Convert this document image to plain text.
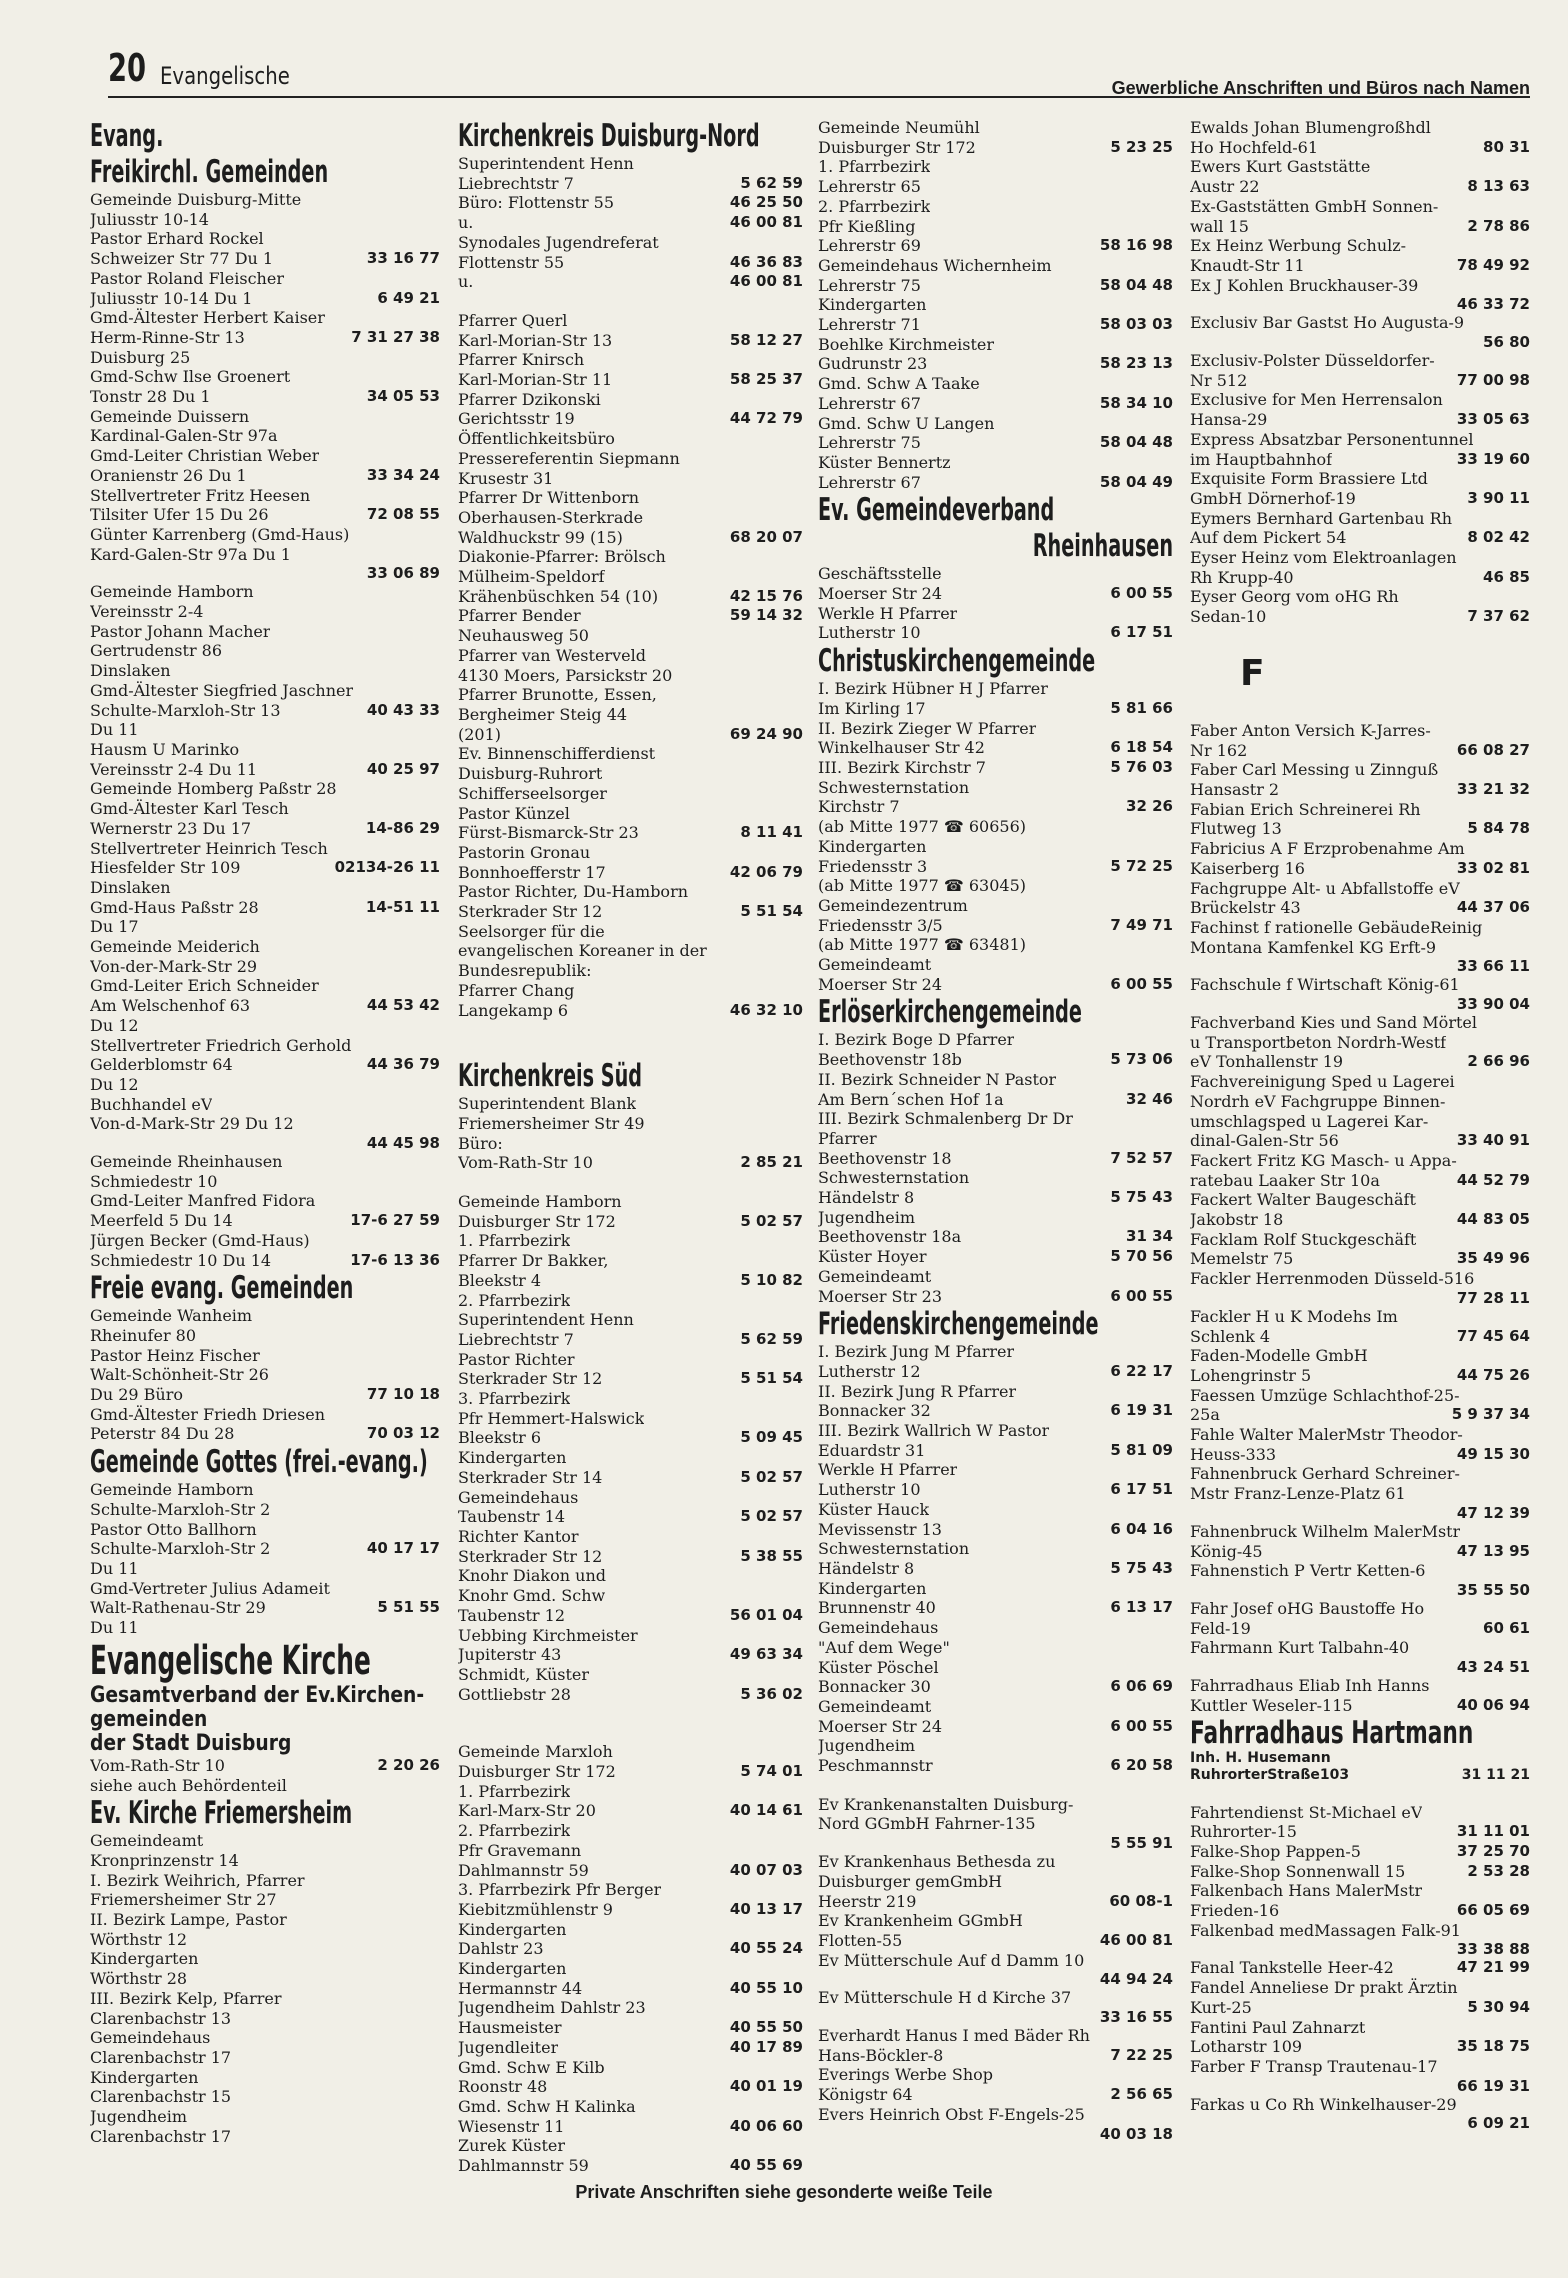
20 Evangelische	Gewerbliche Anschriften und Büros nach Namen
Evang.
Freikirchl. Gemeinden
Gemeinde Duisburg-Mitte
Juliusstr 10-14
Pastor Erhard Rockel
Schweizer Str 77 Du 1	33 16 77
Pastor Roland Fleischer
Juliusstr 10-14 Du 1	6 49 21
Gmd-Ältester Herbert Kaiser
Herm-Rinne-Str 13	7 31 27 38
Duisburg 25
Gmd-Schw Ilse Groenert
Tonstr 28 Du 1	34 05 53
Gemeinde Duissern
Kardinal-Galen-Str 97a
Gmd-Leiter Christian Weber
Oranienstr 26 Du 1	33 34 24
Stellvertreter Fritz Heesen
Tilsiter Ufer 15 Du 26	72 08 55
Günter Karrenberg (Gmd-Haus)
Kard-Galen-Str 97a Du 1
33 06 89
Gemeinde Hamborn
Vereinsstr 2-4
Pastor Johann Macher
Gertrudenstr 86
Dinslaken
Gmd-Ältester Siegfried Jaschner
Schulte-Marxloh-Str 13	40 43 33
Du 11
Hausm U Marinko
Vereinsstr 2-4 Du 11	40 25 97
Gemeinde Homberg Paßstr 28
Gmd-Ältester Karl Tesch
Wernerstr 23 Du 17	14-86 29
Stellvertreter Heinrich Tesch
Hiesfelder Str 109	02134-26 11
Dinslaken
Gmd-Haus Paßstr 28	14-51 11
Du 17
Gemeinde Meiderich
Von-der-Mark-Str 29
Gmd-Leiter Erich Schneider
Am Welschenhof 63	44 53 42
Du 12
Stellvertreter Friedrich Gerhold
Gelderblomstr 64	44 36 79
Du 12
Buchhandel eV
Von-d-Mark-Str 29 Du 12
44 45 98
Gemeinde Rheinhausen
Schmiedestr 10
Gmd-Leiter Manfred Fidora
Meerfeld 5 Du 14	17-6 27 59
Jürgen Becker (Gmd-Haus)
Schmiedestr 10 Du 14	17-6 13 36
Freie evang. Gemeinden
Gemeinde Wanheim
Rheinufer 80
Pastor Heinz Fischer
Walt-Schönheit-Str 26
Du 29 Büro	77 10 18
Gmd-Ältester Friedh Driesen
Peterstr 84 Du 28	70 03 12
Gemeinde Gottes (frei.-evang.)
Gemeinde Hamborn
Schulte-Marxloh-Str 2
Pastor Otto Ballhorn
Schulte-Marxloh-Str 2	40 17 17
Du 11
Gmd-Vertreter Julius Adameit
Walt-Rathenau-Str 29	5 51 55
Du 11
Evangelische Kirche
Gesamtverband der Ev.Kirchen-
gemeinden
der Stadt Duisburg
Vom-Rath-Str 10	2 20 26
siehe auch Behördenteil
Ev. Kirche Friemersheim
Gemeindeamt
Kronprinzenstr 14
I. Bezirk Weihrich, Pfarrer
Friemersheimer Str 27
II. Bezirk Lampe, Pastor
Wörthstr 12
Kindergarten
Wörthstr 28
III. Bezirk Kelp, Pfarrer
Clarenbachstr 13
Gemeindehaus
Clarenbachstr 17
Kindergarten
Clarenbachstr 15
Jugendheim
Clarenbachstr 17
Kirchenkreis Duisburg-Nord
Superintendent Henn
Liebrechtstr 7	5 62 59
Büro: Flottenstr 55	46 25 50
u.	46 00 81
Synodales Jugendreferat
Flottenstr 55	46 36 83
u.	46 00 81
Pfarrer Querl
Karl-Morian-Str 13	58 12 27
Pfarrer Knirsch
Karl-Morian-Str 11	58 25 37
Pfarrer Dzikonski
Gerichtsstr 19	44 72 79
Öffentlichkeitsbüro
Pressereferentin Siepmann
Krusestr 31
Pfarrer Dr Wittenborn
Oberhausen-Sterkrade
Waldhuckstr 99 (15)	68 20 07
Diakonie-Pfarrer: Brölsch
Mülheim-Speldorf
Krähenbüschken 54 (10)	42 15 76
Pfarrer Bender	59 14 32
Neuhausweg 50
Pfarrer van Westerveld
4130 Moers, Parsickstr 20
Pfarrer Brunotte, Essen,
Bergheimer Steig 44
(201)	69 24 90
Ev. Binnenschifferdienst
Duisburg-Ruhrort
Schifferseelsorger
Pastor Künzel
Fürst-Bismarck-Str 23	8 11 41
Pastorin Gronau
Bonnhoefferstr 17	42 06 79
Pastor Richter, Du-Hamborn
Sterkrader Str 12	5 51 54
Seelsorger für die
evangelischen Koreaner in der
Bundesrepublik:
Pfarrer Chang
Langekamp 6	46 32 10
Kirchenkreis Süd
Superintendent Blank
Friemersheimer Str 49
Büro:
Vom-Rath-Str 10	2 85 21
Gemeinde Hamborn
Duisburger Str 172	5 02 57
1. Pfarrbezirk
Pfarrer Dr Bakker,
Bleekstr 4	5 10 82
2. Pfarrbezirk
Superintendent Henn
Liebrechtstr 7	5 62 59
Pastor Richter
Sterkrader Str 12	5 51 54
3. Pfarrbezirk
Pfr Hemmert-Halswick
Bleekstr 6	5 09 45
Kindergarten
Sterkrader Str 14	5 02 57
Gemeindehaus
Taubenstr 14	5 02 57
Richter Kantor
Sterkrader Str 12	5 38 55
Knohr Diakon und
Knohr Gmd. Schw
Taubenstr 12	56 01 04
Uebbing Kirchmeister
Jupiterstr 43	49 63 34
Schmidt, Küster
Gottliebstr 28	5 36 02
Gemeinde Marxloh
Duisburger Str 172	5 74 01
1. Pfarrbezirk
Karl-Marx-Str 20	40 14 61
2. Pfarrbezirk
Pfr Gravemann
Dahlmannstr 59	40 07 03
3. Pfarrbezirk Pfr Berger
Kiebitzmühlenstr 9	40 13 17
Kindergarten
Dahlstr 23	40 55 24
Kindergarten
Hermannstr 44	40 55 10
Jugendheim Dahlstr 23
Hausmeister	40 55 50
Jugendleiter	40 17 89
Gmd. Schw E Kilb
Roonstr 48	40 01 19
Gmd. Schw H Kalinka
Wiesenstr 11	40 06 60
Zurek Küster
Dahlmannstr 59	40 55 69
Gemeinde Neumühl
Duisburger Str 172	5 23 25
1. Pfarrbezirk
Lehrerstr 65
2. Pfarrbezirk
Pfr Kießling
Lehrerstr 69	58 16 98
Gemeindehaus Wichernheim
Lehrerstr 75	58 04 48
Kindergarten
Lehrerstr 71	58 03 03
Boehlke Kirchmeister
Gudrunstr 23	58 23 13
Gmd. Schw A Taake
Lehrerstr 67	58 34 10
Gmd. Schw U Langen
Lehrerstr 75	58 04 48
Küster Bennertz
Lehrerstr 67	58 04 49
Ev. Gemeindeverband
Rheinhausen
Geschäftsstelle
Moerser Str 24	6 00 55
Werkle H Pfarrer
Lutherstr 10	6 17 51
Christuskirchengemeinde
I. Bezirk Hübner H J Pfarrer
Im Kirling 17	5 81 66
II. Bezirk Zieger W Pfarrer
Winkelhauser Str 42	6 18 54
III. Bezirk Kirchstr 7	5 76 03
Schwesternstation
Kirchstr 7	32 26
(ab Mitte 1977 ☎ 60656)
Kindergarten
Friedensstr 3	5 72 25
(ab Mitte 1977 ☎ 63045)
Gemeindezentrum
Friedensstr 3/5	7 49 71
(ab Mitte 1977 ☎ 63481)
Gemeindeamt
Moerser Str 24	6 00 55
Erlöserkirchengemeinde
I. Bezirk Boge D Pfarrer
Beethovenstr 18b	5 73 06
II. Bezirk Schneider N Pastor
Am Bern´schen Hof 1a	32 46
III. Bezirk Schmalenberg Dr Dr
Pfarrer
Beethovenstr 18	7 52 57
Schwesternstation
Händelstr 8	5 75 43
Jugendheim
Beethovenstr 18a	31 34
Küster Hoyer	5 70 56
Gemeindeamt
Moerser Str 23	6 00 55
Friedenskirchengemeinde
I. Bezirk Jung M Pfarrer
Lutherstr 12	6 22 17
II. Bezirk Jung R Pfarrer
Bonnacker 32	6 19 31
III. Bezirk Wallrich W Pastor
Eduardstr 31	5 81 09
Werkle H Pfarrer
Lutherstr 10	6 17 51
Küster Hauck
Mevissenstr 13	6 04 16
Schwesternstation
Händelstr 8	5 75 43
Kindergarten
Brunnenstr 40	6 13 17
Gemeindehaus
"Auf dem Wege"
Küster Pöschel
Bonnacker 30	6 06 69
Gemeindeamt
Moerser Str 24	6 00 55
Jugendheim
Peschmannstr	6 20 58
Ev Krankenanstalten Duisburg-
Nord GGmbH Fahrner-135
5 55 91
Ev Krankenhaus Bethesda zu
Duisburger gemGmbH
Heerstr 219	60 08-1
Ev Krankenheim GGmbH
Flotten-55	46 00 81
Ev Mütterschule Auf d Damm 10
44 94 24
Ev Mütterschule H d Kirche 37
33 16 55
Everhardt Hanus I med Bäder Rh
Hans-Böckler-8	7 22 25
Everings Werbe Shop
Königstr 64	2 56 65
Evers Heinrich Obst F-Engels-25
40 03 18
Ewalds Johan Blumengroßhdl
Ho Hochfeld-61	80 31
Ewers Kurt Gaststätte
Austr 22	8 13 63
Ex-Gaststätten GmbH Sonnen-
wall 15	2 78 86
Ex Heinz Werbung Schulz-
Knaudt-Str 11	78 49 92
Ex J Kohlen Bruckhauser-39
46 33 72
Exclusiv Bar Gastst Ho Augusta-9
56 80
Exclusiv-Polster Düsseldorfer-
Nr 512	77 00 98
Exclusive for Men Herrensalon
Hansa-29	33 05 63
Express Absatzbar Personentunnel
im Hauptbahnhof	33 19 60
Exquisite Form Brassiere Ltd
GmbH Dörnerhof-19	3 90 11
Eymers Bernhard Gartenbau Rh
Auf dem Pickert 54	8 02 42
Eyser Heinz vom Elektroanlagen
Rh Krupp-40	46 85
Eyser Georg vom oHG Rh
Sedan-10	7 37 62
F
Faber Anton Versich K-Jarres-
Nr 162	66 08 27
Faber Carl Messing u Zinnguß
Hansastr 2	33 21 32
Fabian Erich Schreinerei Rh
Flutweg 13	5 84 78
Fabricius A F Erzprobenahme Am
Kaiserberg 16	33 02 81
Fachgruppe Alt- u Abfallstoffe eV
Brückelstr 43	44 37 06
Fachinst f rationelle GebäudeReinig
Montana Kamfenkel KG Erft-9
33 66 11
Fachschule f Wirtschaft König-61
33 90 04
Fachverband Kies und Sand Mörtel
u Transportbeton Nordrh-Westf
eV Tonhallenstr 19	2 66 96
Fachvereinigung Sped u Lagerei
Nordrh eV Fachgruppe Binnen-
umschlagsped u Lagerei Kar-
dinal-Galen-Str 56	33 40 91
Fackert Fritz KG Masch- u Appa-
ratebau Laaker Str 10a	44 52 79
Fackert Walter Baugeschäft
Jakobstr 18	44 83 05
Facklam Rolf Stuckgeschäft
Memelstr 75	35 49 96
Fackler Herrenmoden Düsseld-516
77 28 11
Fackler H u K Modehs Im
Schlenk 4	77 45 64
Faden-Modelle GmbH
Lohengrinstr 5	44 75 26
Faessen Umzüge Schlachthof-25-
25a	5 9 37 34
Fahle Walter MalerMstr Theodor-
Heuss-333	49 15 30
Fahnenbruck Gerhard Schreiner-
Mstr Franz-Lenze-Platz 61
47 12 39
Fahnenbruck Wilhelm MalerMstr
König-45	47 13 95
Fahnenstich P Vertr Ketten-6
35 55 50
Fahr Josef oHG Baustoffe Ho
Feld-19	60 61
Fahrmann Kurt Talbahn-40
43 24 51
Fahrradhaus Eliab Inh Hanns
Kuttler Weseler-115	40 06 94
Fahrradhaus Hartmann
Inh. H. Husemann
RuhrorterStraße103	31 11 21
Fahrtendienst St-Michael eV
Ruhrorter-15	31 11 01
Falke-Shop Pappen-5	37 25 70
Falke-Shop Sonnenwall 15	2 53 28
Falkenbach Hans MalerMstr
Frieden-16	66 05 69
Falkenbad medMassagen Falk-91
33 38 88
Fanal Tankstelle Heer-42	47 21 99
Fandel Anneliese Dr prakt Ärztin
Kurt-25	5 30 94
Fantini Paul Zahnarzt
Lotharstr 109	35 18 75
Farber F Transp Trautenau-17
66 19 31
Farkas u Co Rh Winkelhauser-29
6 09 21
Private Anschriften siehe gesonderte weiße Teile
